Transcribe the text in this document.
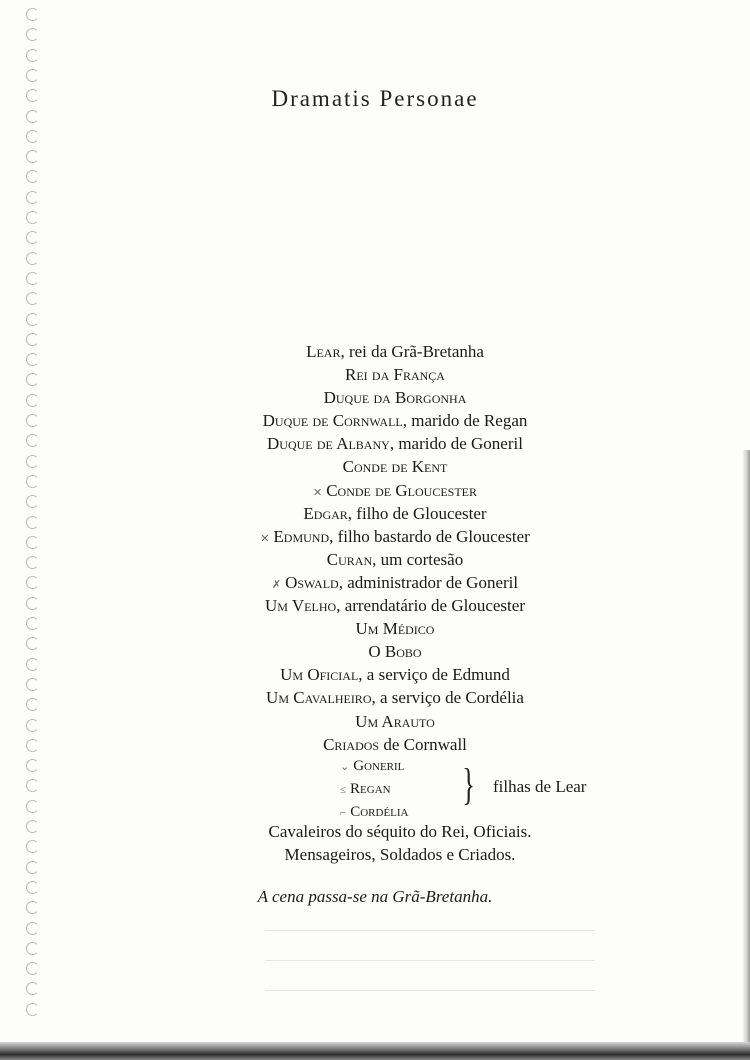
Dramatis Personae
Lear, rei da Grã-Bretanha
Rei da França
Duque da Borgonha
Duque de Cornwall, marido de Regan
Duque de Albany, marido de Goneril
Conde de Kent
✕ Conde de Gloucester
Edgar, filho de Gloucester
✕ Edmund, filho bastardo de Gloucester
Curan, um cortesão
✗ Oswald, administrador de Goneril
Um Velho, arrendatário de Gloucester
Um Médico
O Bobo
Um Oficial, a serviço de Edmund
Um Cavalheiro, a serviço de Cordélia
Um Arauto
Criados de Cornwall
⌄ Goneril
≤ Regan
⌐ Cordélia
} filhas de Lear
Cavaleiros do séquito do Rei, Oficiais.
Mensageiros, Soldados e Criados.
A cena passa-se na Grã-Bretanha.
